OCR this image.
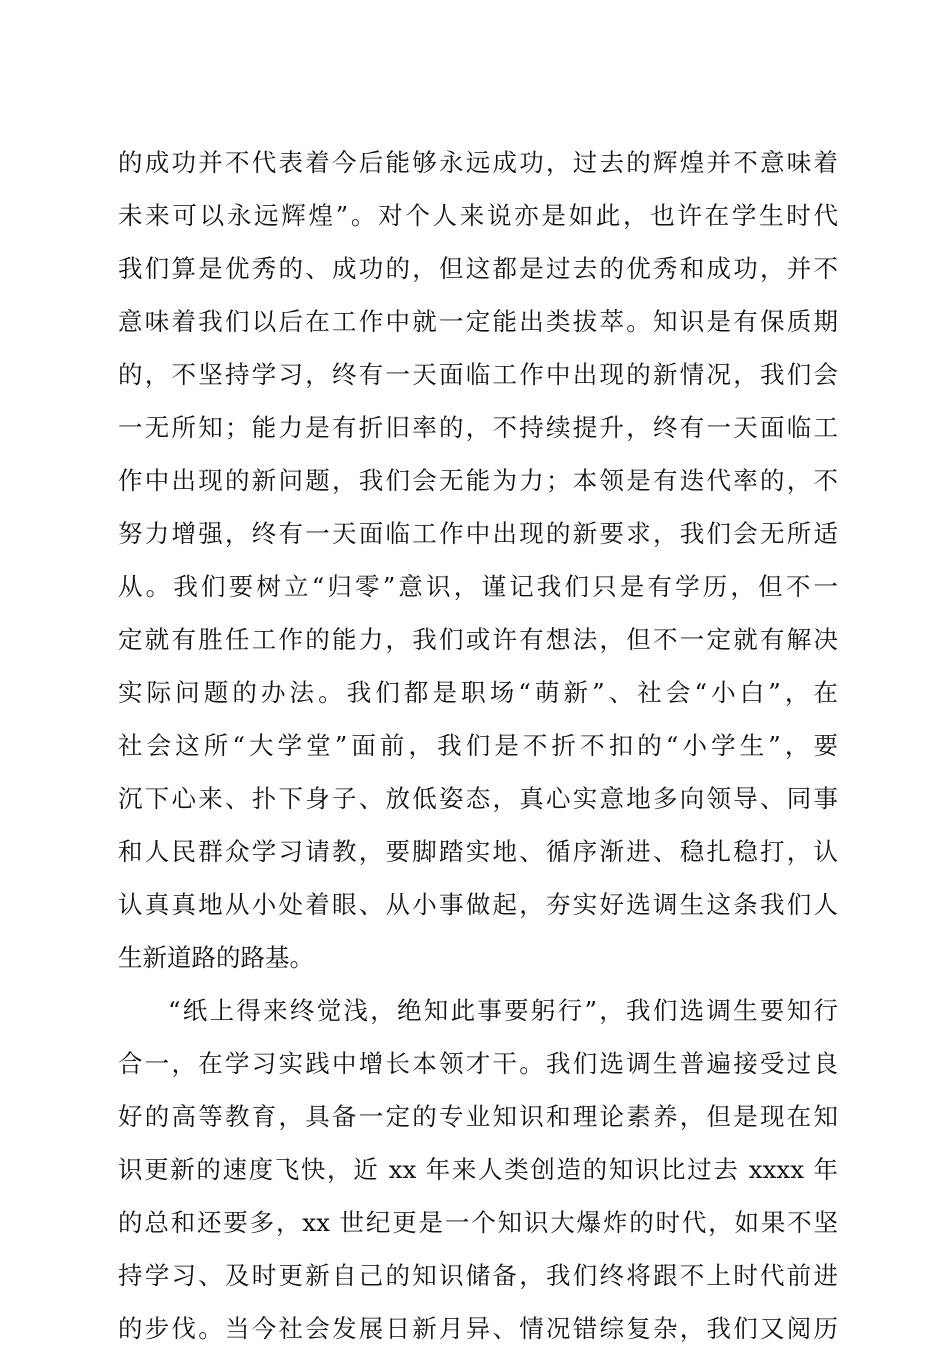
的成功并不代表着今后能够永远成功，过去的辉煌并不意味着
未来可以永远辉煌”。对个人来说亦是如此，也许在学生时代
我们算是优秀的、成功的，但这都是过去的优秀和成功，并不
意味着我们以后在工作中就一定能出类拔萃。知识是有保质期
的，不坚持学习，终有一天面临工作中出现的新情况，我们会
一无所知；能力是有折旧率的，不持续提升，终有一天面临工
作中出现的新问题，我们会无能为力；本领是有迭代率的，不
努力增强，终有一天面临工作中出现的新要求，我们会无所适
从。我们要树立“归零”意识，谨记我们只是有学历，但不一
定就有胜任工作的能力，我们或许有想法，但不一定就有解决
实际问题的办法。我们都是职场“萌新”、社会“小白”，在
社会这所“大学堂”面前，我们是不折不扣的“小学生”，要
沉下心来、扑下身子、放低姿态，真心实意地多向领导、同事
和人民群众学习请教，要脚踏实地、循序渐进、稳扎稳打，认
认真真地从小处着眼、从小事做起，夯实好选调生这条我们人
生新道路的路基。
“纸上得来终觉浅，绝知此事要躬行”，我们选调生要知行
合一，在学习实践中增长本领才干。我们选调生普遍接受过良
好的高等教育，具备一定的专业知识和理论素养，但是现在知
识更新的速度飞快，近 xx 年来人类创造的知识比过去 xxxx 年
的总和还要多，xx 世纪更是一个知识大爆炸的时代，如果不坚
持学习、及时更新自己的知识储备，我们终将跟不上时代前进
的步伐。当今社会发展日新月异、情况错综复杂，我们又阅历
